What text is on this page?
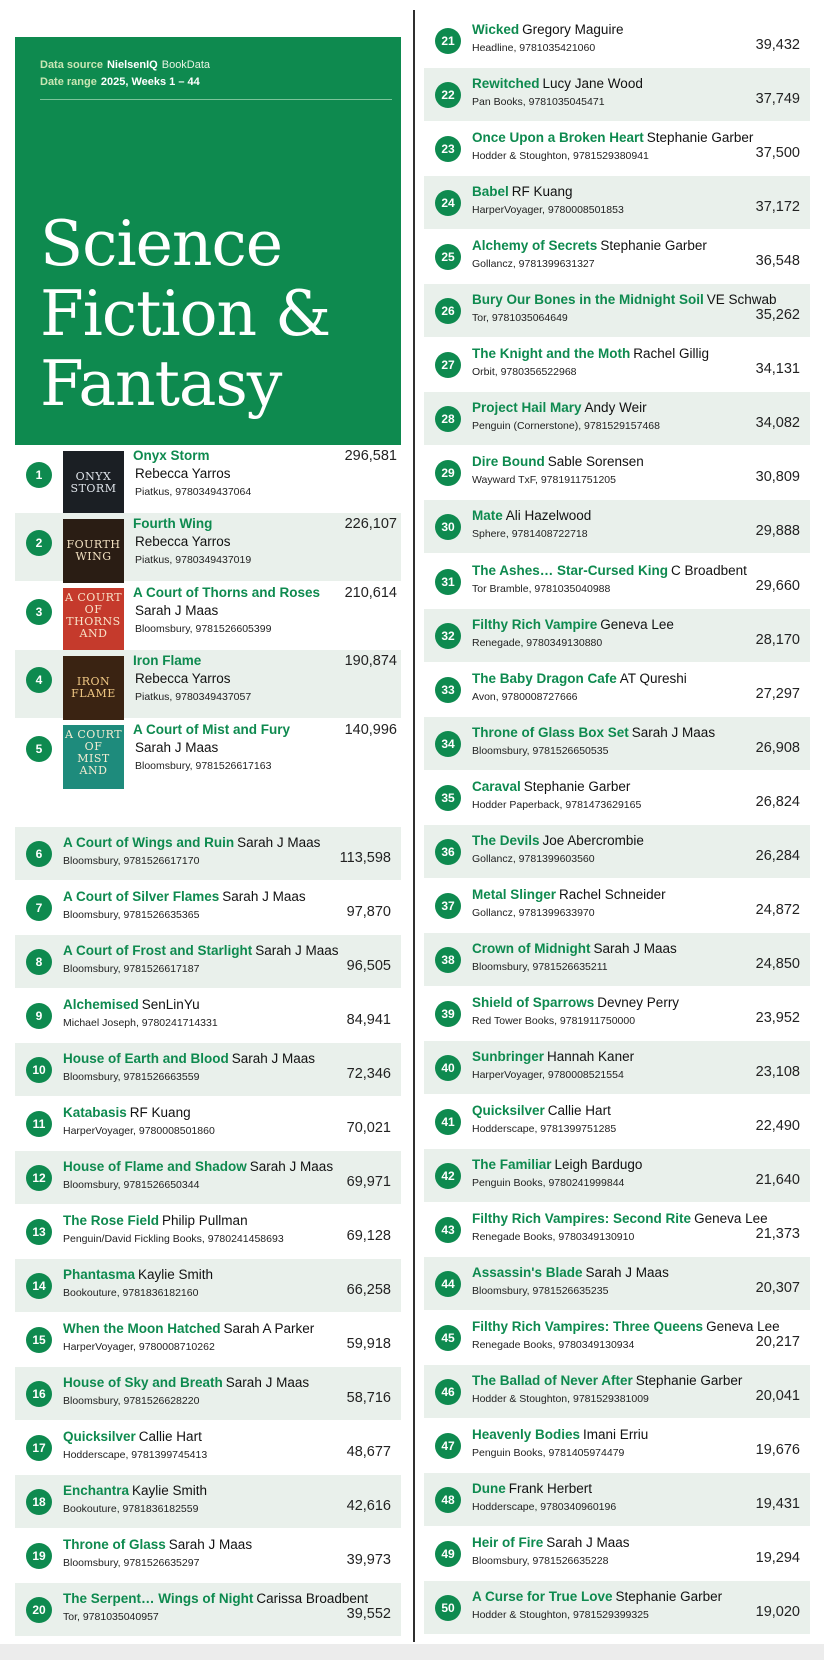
Data source NielsenIQ BookData
Date range 2025, Weeks 1 – 44
Science
Fiction &
Fantasy
1	ONYX
STORM
Onyx Storm
Rebecca Yarros
Piatkus, 9780349437064
296,581
2	FOURTH
WING
Fourth Wing
Rebecca Yarros
Piatkus, 9780349437019
226,107
3
A COURT
OF
THORNS
AND
A Court of Thorns and Roses
Sarah J Maas
Bloomsbury, 9781526605399
210,614
4	IRON
FLAME
Iron Flame
Rebecca Yarros
Piatkus, 9780349437057
190,874
5
A COURT
OF
MIST
AND
A Court of Mist and Fury
Sarah J Maas
Bloomsbury, 9781526617163
140,996
6
A Court of Wings and Ruin Sarah J Maas
Bloomsbury, 9781526617170	113,598
7
A Court of Silver Flames Sarah J Maas
Bloomsbury, 9781526635365	97,870
8
A Court of Frost and Starlight Sarah J Maas
Bloomsbury, 9781526617187	96,505
9
Alchemised SenLinYu
Michael Joseph, 9780241714331	84,941
10
House of Earth and Blood Sarah J Maas
Bloomsbury, 9781526663559	72,346
11
Katabasis RF Kuang
HarperVoyager, 9780008501860	70,021
12
House of Flame and Shadow Sarah J Maas
Bloomsbury, 9781526650344	69,971
13
The Rose Field Philip Pullman
Penguin/David Fickling Books, 9780241458693	69,128
14
Phantasma Kaylie Smith
Bookouture, 9781836182160	66,258
15
When the Moon Hatched Sarah A Parker
HarperVoyager, 9780008710262	59,918
16
House of Sky and Breath Sarah J Maas
Bloomsbury, 9781526628220	58,716
17
Quicksilver Callie Hart
Hodderscape, 9781399745413	48,677
18
Enchantra Kaylie Smith
Bookouture, 9781836182559	42,616
19
Throne of Glass Sarah J Maas
Bloomsbury, 9781526635297	39,973
20
The Serpent… Wings of Night Carissa Broadbent
Tor, 9781035040957	39,552
21
Wicked Gregory Maguire
Headline, 9781035421060	39,432
22
Rewitched Lucy Jane Wood
Pan Books, 9781035045471	37,749
23
Once Upon a Broken Heart Stephanie Garber
Hodder & Stoughton, 9781529380941	37,500
24
Babel RF Kuang
HarperVoyager, 9780008501853	37,172
25
Alchemy of Secrets Stephanie Garber
Gollancz, 9781399631327	36,548
26
Bury Our Bones in the Midnight Soil VE Schwab
Tor, 9781035064649	35,262
27
The Knight and the Moth Rachel Gillig
Orbit, 9780356522968	34,131
28
Project Hail Mary Andy Weir
Penguin (Cornerstone), 9781529157468	34,082
29
Dire Bound Sable Sorensen
Wayward TxF, 9781911751205	30,809
30
Mate Ali Hazelwood
Sphere, 9781408722718	29,888
31
The Ashes… Star-Cursed King C Broadbent
Tor Bramble, 9781035040988	29,660
32
Filthy Rich Vampire Geneva Lee
Renegade, 9780349130880	28,170
33
The Baby Dragon Cafe AT Qureshi
Avon, 9780008727666	27,297
34
Throne of Glass Box Set Sarah J Maas
Bloomsbury, 9781526650535	26,908
35
Caraval Stephanie Garber
Hodder Paperback, 9781473629165	26,824
36
The Devils Joe Abercrombie
Gollancz, 9781399603560	26,284
37
Metal Slinger Rachel Schneider
Gollancz, 9781399633970	24,872
38
Crown of Midnight Sarah J Maas
Bloomsbury, 9781526635211	24,850
39
Shield of Sparrows Devney Perry
Red Tower Books, 9781911750000	23,952
40
Sunbringer Hannah Kaner
HarperVoyager, 9780008521554	23,108
41
Quicksilver Callie Hart
Hodderscape, 9781399751285	22,490
42
The Familiar Leigh Bardugo
Penguin Books, 9780241999844	21,640
43
Filthy Rich Vampires: Second Rite Geneva Lee
Renegade Books, 9780349130910	21,373
44
Assassin's Blade Sarah J Maas
Bloomsbury, 9781526635235	20,307
45
Filthy Rich Vampires: Three Queens Geneva Lee
Renegade Books, 9780349130934	20,217
46
The Ballad of Never After Stephanie Garber
Hodder & Stoughton, 9781529381009	20,041
47
Heavenly Bodies Imani Erriu
Penguin Books, 9781405974479	19,676
48
Dune Frank Herbert
Hodderscape, 9780340960196	19,431
49
Heir of Fire Sarah J Maas
Bloomsbury, 9781526635228	19,294
50
A Curse for True Love Stephanie Garber
Hodder & Stoughton, 9781529399325	19,020
